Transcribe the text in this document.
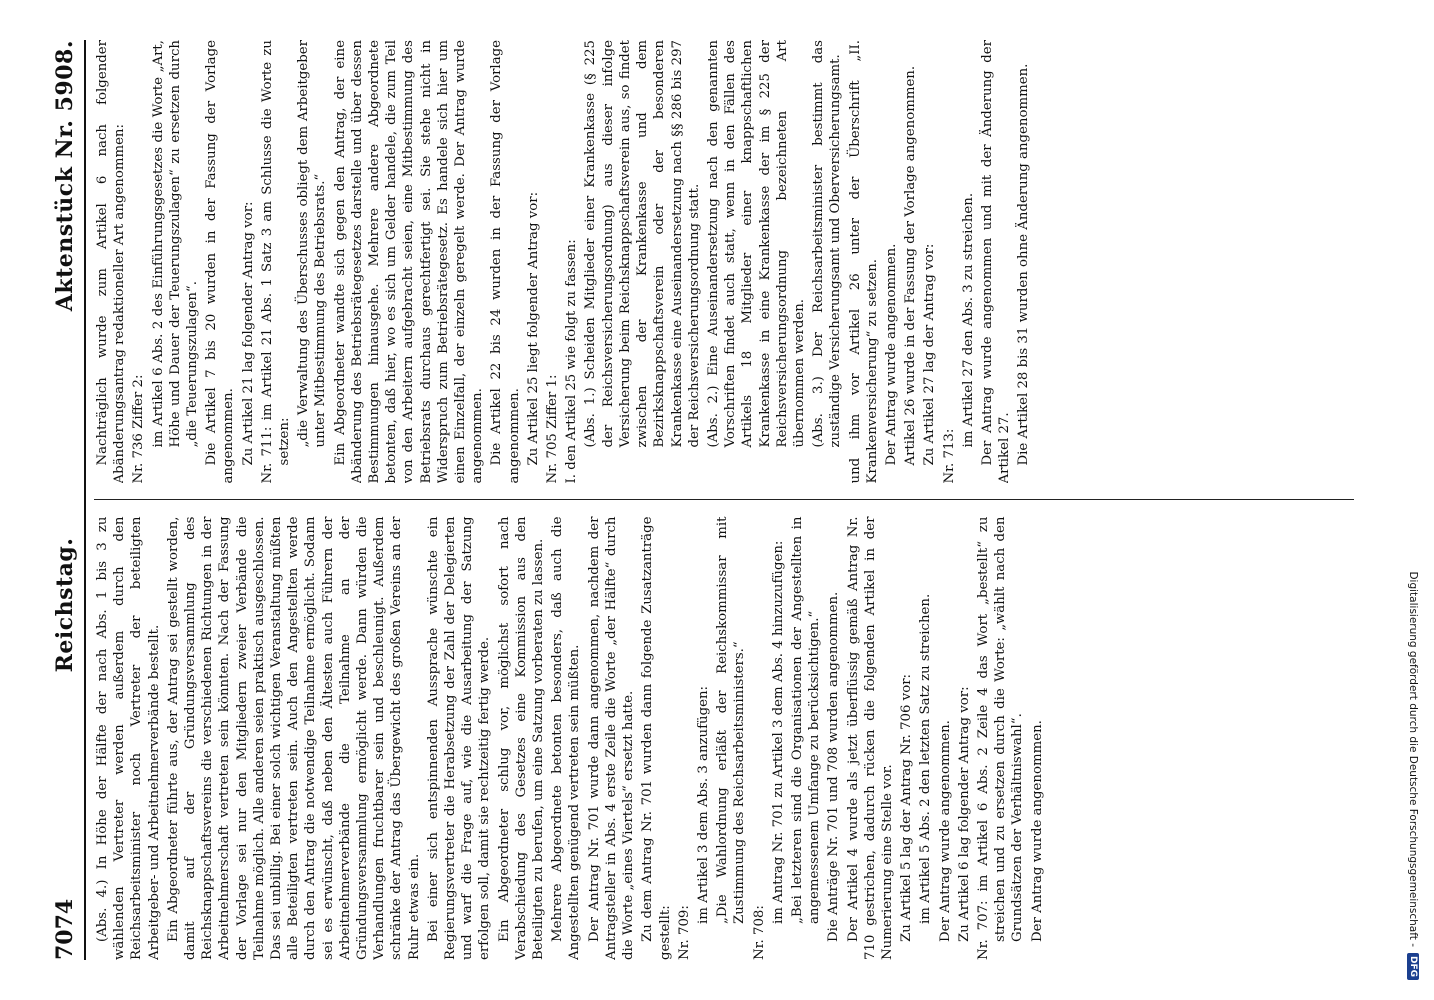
7074
Reichstag.
Aktenstück Nr. 5908.

(Abs. 4.) In Höhe der Hälfte der nach Abs. 1 bis 3 zu wählenden Vertreter werden außerdem durch den Reichsarbeitsminister noch Vertreter der beteiligten Arbeitgeber- und Arbeitnehmerverbände bestellt. Ein Abgeordneter führte aus, der Antrag sei gestellt worden, damit auf der Gründungsversammlung des Reichsknappschaftsvereins die verschiedenen Richtungen in der Arbeitnehmerschaft vertreten sein könnten. Nach der Fassung der Vorlage sei nur den Mitgliedern zweier Verbände die Teilnahme möglich. Alle anderen seien praktisch ausgeschlossen. Das sei unbillig. Bei einer solch wichtigen Veranstaltung müßten alle Beteiligten vertreten sein. Auch den Angestellten werde durch den Antrag die notwendige Teilnahme ermöglicht. Sodann sei es erwünscht, daß neben den Ältesten auch Führern der Arbeitnehmerverbände die Teilnahme an der Gründungsversammlung ermöglicht werde. Dann würden die Verhandlungen fruchtbarer sein und beschleunigt. Außerdem schränke der Antrag das Übergewicht des großen Vereins an der Ruhr etwas ein. Bei einer sich entspinnenden Aussprache wünschte ein Regierungsvertreter die Herabsetzung der Zahl der Delegierten und warf die Frage auf, wie die Ausarbeitung der Satzung erfolgen soll, damit sie rechtzeitig fertig werde. Ein Abgeordneter schlug vor, möglichst sofort nach Verabschiedung des Gesetzes eine Kommission aus den Beteiligten zu berufen, um eine Satzung vorberaten zu lassen. Mehrere Abgeordnete betonten besonders, daß auch die Angestellten genügend vertreten sein müßten. Der Antrag Nr. 701 wurde dann angenommen, nachdem der Antragsteller in Abs. 4 erste Zeile die Worte „der Hälfte“ durch die Worte „eines Viertels“ ersetzt hatte. Zu dem Antrag Nr. 701 wurden dann folgende Zusatzanträge gestellt: Nr. 709:

im Artikel 3 dem Abs. 3 anzufügen: „Die Wahlordnung erläßt der Reichskommissar mit Zustimmung des Reichsarbeitsministers.“

Nr. 708:

im Antrag Nr. 701 zu Artikel 3 dem Abs. 4 hinzuzufügen: „Bei letzteren sind die Organisationen der Angestellten in angemessenem Umfange zu berücksichtigen.“ Die Anträge Nr. 701 und 708 wurden angenommen. Der Artikel 4 wurde als jetzt überflüssig gemäß Antrag Nr. 710 gestrichen, dadurch rücken die folgenden Artikel in der Numerierung eine Stelle vor. Zu Artikel 5 lag der Antrag Nr. 706 vor: im Artikel 5 Abs. 2 den letzten Satz zu streichen. Der Antrag wurde angenommen. Zu Artikel 6 lag folgender Antrag vor: Nr. 707: im Artikel 6 Abs. 2 Zeile 4 das Wort „bestellt“ zu streichen und zu ersetzen durch die Worte: „wählt nach den Grundsätzen der Verhältniswahl“. Der Antrag wurde angenommen.

Nachträglich wurde zum Artikel 6 nach folgender Abänderungsantrag redaktioneller Art angenommen: Nr. 736 Ziffer 2: im Artikel 6 Abs. 2 des Einführungsgesetzes die Worte „Art, Höhe und Dauer der Teuerungszulagen“ zu ersetzen durch „die Teuerungszulagen“. Die Artikel 7 bis 20 wurden in der Fassung der Vorlage angenommen. Zu Artikel 21 lag folgender Antrag vor: Nr. 711: im Artikel 21 Abs. 1 Satz 3 am Schlusse die Worte zu setzen: „die Verwaltung des Überschusses obliegt dem Arbeitgeber unter Mitbestimmung des Betriebsrats.“ Ein Abgeordneter wandte sich gegen den Antrag, der eine Abänderung des Betriebsrätegesetzes darstelle und über dessen Bestimmungen hinausgehe. Mehrere andere Abgeordnete betonten, daß hier, wo es sich um Gelder handele, die zum Teil von den Arbeitern aufgebracht seien, eine Mitbestimmung des Betriebsrats durchaus gerechtfertigt sei. Sie stehe nicht in Widerspruch zum Betriebsrätegesetz. Es handele sich hier um einen Einzelfall, der einzeln geregelt werde. Der Antrag wurde angenommen. Die Artikel 22 bis 24 wurden in der Fassung der Vorlage angenommen. Zu Artikel 25 liegt folgender Antrag vor: Nr. 705 Ziffer 1: I. den Artikel 25 wie folgt zu fassen: (Abs. 1.) Scheiden Mitglieder einer Krankenkasse (§ 225 der Reichsversicherungsordnung) aus dieser infolge Versicherung beim Reichsknappschaftsverein aus, so findet zwischen der Krankenkasse und dem Bezirksknappschaftsverein oder der besonderen Krankenkasse eine Auseinandersetzung nach §§ 286 bis 297 der Reichsversicherungsordnung statt. (Abs. 2.) Eine Auseinandersetzung nach den genannten Vorschriften findet auch statt, wenn in den Fällen des Artikels 18 Mitglieder einer knappschaftlichen Krankenkasse in eine Krankenkasse der im § 225 der Reichsversicherungsordnung bezeichneten Art übernommen werden. (Abs. 3.) Der Reichsarbeitsminister bestimmt das zuständige Versicherungsamt und Oberversicherungsamt. und ihm vor Artikel 26 unter der Überschrift „II. Krankenversicherung“ zu setzen. Der Antrag wurde angenommen. Artikel 26 wurde in der Fassung der Vorlage angenommen. Zu Artikel 27 lag der Antrag vor: Nr. 713:

im Artikel 27 den Abs. 3 zu streichen. Der Antrag wurde angenommen und mit der Änderung der Artikel 27. Die Artikel 28 bis 31 wurden ohne Änderung angenommen.

Digitalisierung gefördert durch die Deutsche Forschungsgemeinschaft -
DFG
